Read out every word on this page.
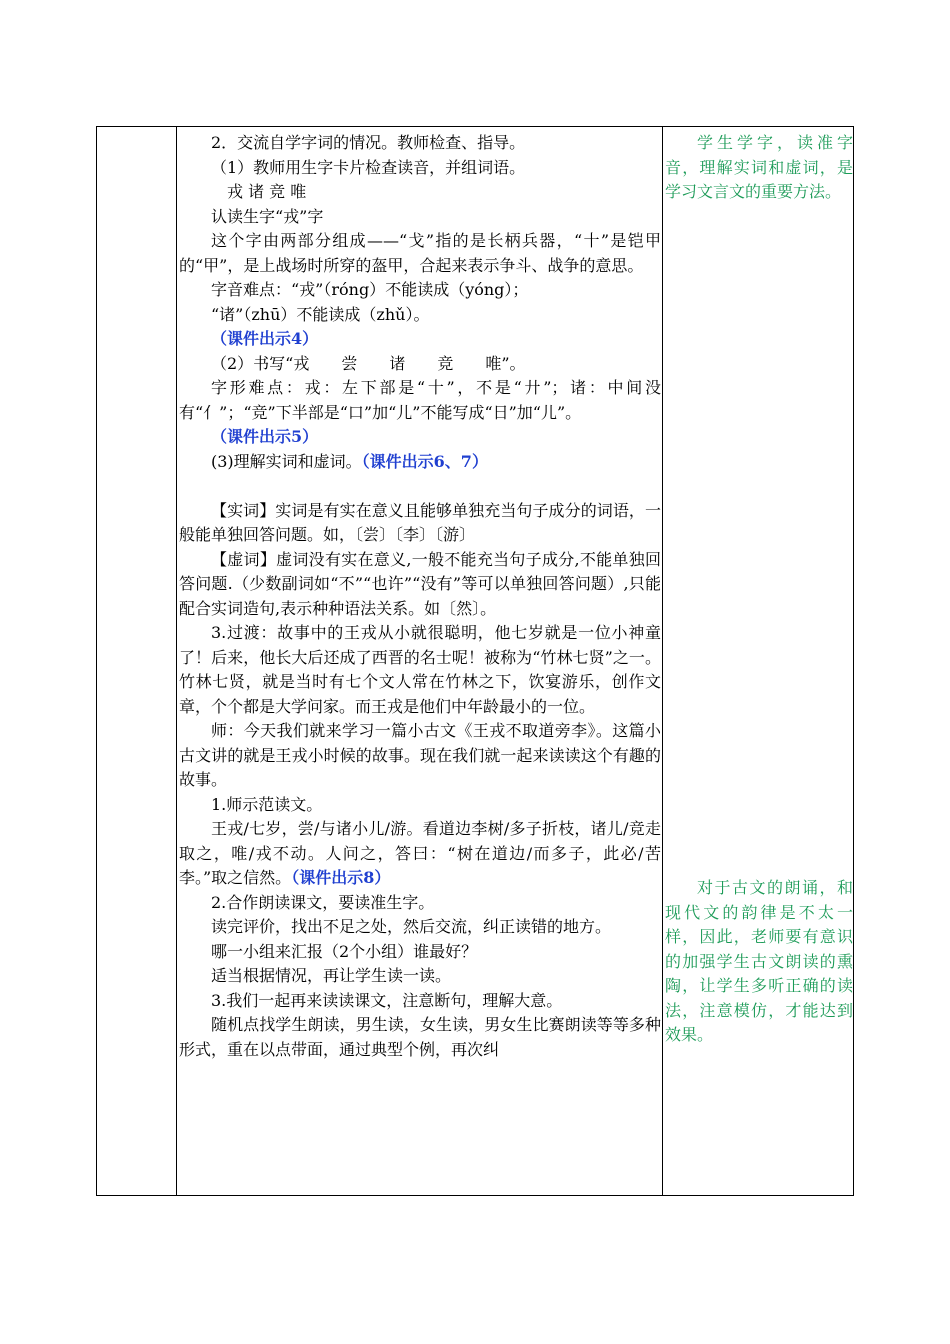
2．交流自学字词的情况。教师检查、指导。
（1）教师用生字卡片检查读音，并组词语。
戎 诸 竞 唯
认读生字“戎”字
这个字由两部分组成——“戈”指的是长柄兵器，“十”是铠甲的“甲”，是上战场时所穿的盔甲，合起来表示争斗、战争的意思。
字音难点：“戎”（róng）不能读成（yóng）；
“诸”（zhū）不能读成（zhǔ）。
（课件出示4）
（2）书写“戎　　尝　　诸　　竞　　唯”。
字形难点：戎：左下部是“十”，不是“廾”；诸：中间没有“亻”；“竞”下半部是“口”加“儿”不能写成“日”加“儿”。
（课件出示5）
(3)理解实词和虚词。（课件出示6、7）
【实词】实词是有实在意义且能够单独充当句子成分的词语，一般能单独回答问题。如，〔尝〕〔李〕〔游〕
【虚词】虚词没有实在意义,一般不能充当句子成分,不能单独回答问题.（少数副词如“不”“也许”“没有”等可以单独回答问题）,只能配合实词造句,表示种种语法关系。如〔然〕。
3.过渡：故事中的王戎从小就很聪明，他七岁就是一位小神童了！后来，他长大后还成了西晋的名士呢！被称为“竹林七贤”之一。竹林七贤，就是当时有七个文人常在竹林之下，饮宴游乐，创作文章，个个都是大学问家。而王戎是他们中年龄最小的一位。
师：今天我们就来学习一篇小古文《王戎不取道旁李》。这篇小古文讲的就是王戎小时候的故事。现在我们就一起来读读这个有趣的故事。
1.师示范读文。
王戎/七岁，尝/与诸小儿/游。看道边李树/多子折枝，诸儿/竞走取之，唯/戎不动。人问之，答曰：“树在道边/而多子，此必/苦李。”取之信然。（课件出示8）
2.合作朗读课文，要读准生字。
读完评价，找出不足之处，然后交流，纠正读错的地方。
哪一小组来汇报（2个小组）谁最好？
适当根据情况，再让学生读一读。
3.我们一起再来读读课文，注意断句，理解大意。
随机点找学生朗读，男生读，女生读，男女生比赛朗读等等多种形式，重在以点带面，通过典型个例，再次纠
学生学字，读准字音，理解实词和虚词，是学习文言文的重要方法。
对于古文的朗诵，和现代文的韵律是不太一样，因此，老师要有意识的加强学生古文朗读的熏陶，让学生多听正确的读法，注意模仿，才能达到效果。
